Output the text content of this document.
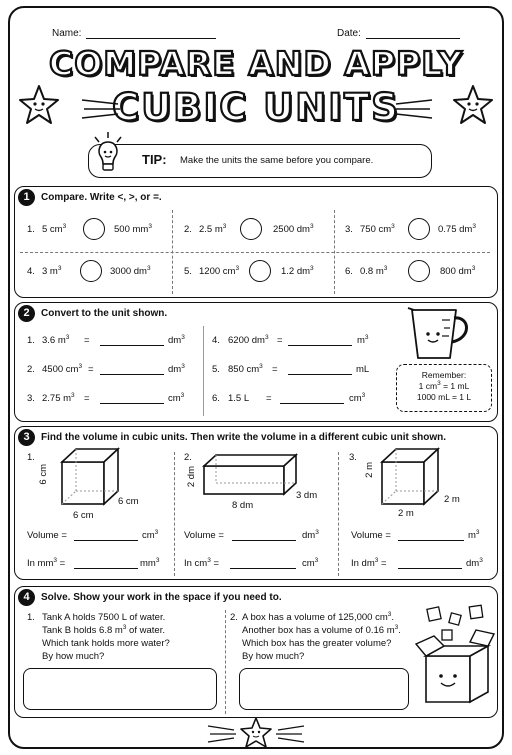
Name:	Date:
COMPARE AND APPLY
CUBIC UNITS
TIP: Make the units the same before you compare.
1	Compare. Write <, >, or =.
1. 5 $cm^3$	500 $mm^3$	2. 2.5 $m^3$	2500 $dm^3$	3. 750 $cm^3$	0.75 $dm^3$
4. 3 $m^3$	3000 $dm^3$	5. 1200 $cm^3$	1.2 $dm^3$	6. 0.8 $m^3$	800 $dm^3$
2	Convert to the unit shown.
1. 3.6 $m^3$ =	$dm^3$
2. 4500 $cm^3$ =	$dm^3$
3. 2.75 $m^3$ =	$cm^3$
4. 6200 $dm^3$ =	$m^3$
5. 850 $cm^3$ =	mL
6. 1.5 L =	$cm^3$
Remember:
1 $cm^3 = 1$ mL
1000 mL = 1 L
3	Find the volume in cubic units. Then write the volume in a different cubic unit shown.
1.
6 cm
6 cm
6 cm
Volume =	$cm^3$
In $mm^3$ =	$mm^3$
2.
2 dm
8 dm
3 dm
Volume =	$dm^3$
In $cm^3$ =	$cm^3$
3.
2 m
2 m
2 m
Volume =	$m^3$
In $dm^3$ =	$dm^3$
4	Solve. Show your work in the space if you need to.
1. Tank A holds 7500 L of water.
Tank B holds 6.8 $m^3$ of water.
Which tank holds more water?
By how much?
2. A box has a volume of 125,000 $cm^3$.
Another box has a volume of 0.16 $m^3$.
Which box has the greater volume?
By how much?
